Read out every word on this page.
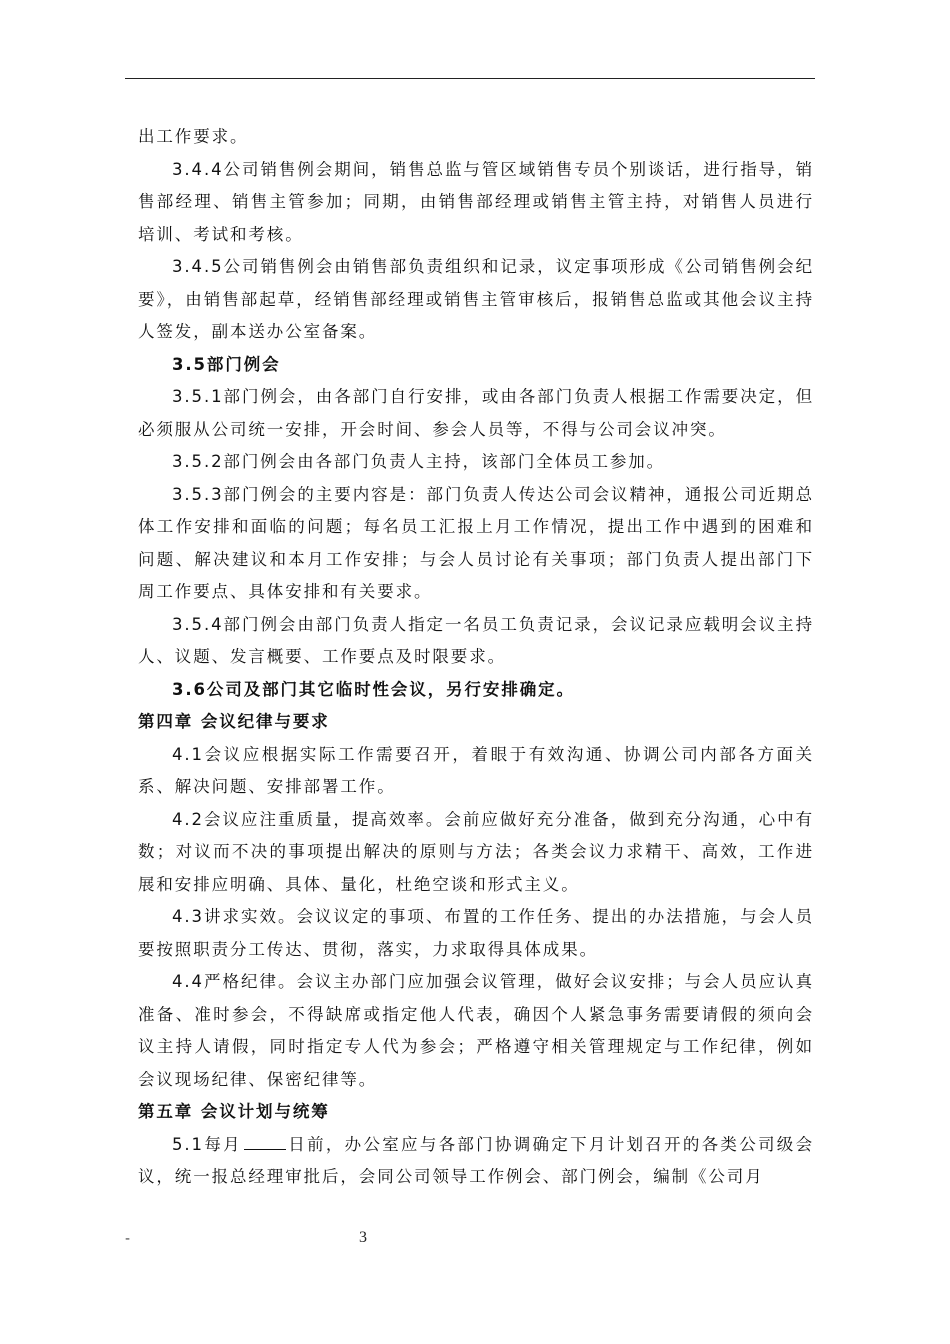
出工作要求。

3.4.4公司销售例会期间，销售总监与管区域销售专员个别谈话，进行指导，销售部经理、销售主管参加；同期，由销售部经理或销售主管主持，对销售人员进行培训、考试和考核。

3.4.5公司销售例会由销售部负责组织和记录，议定事项形成《公司销售例会纪要》，由销售部起草，经销售部经理或销售主管审核后，报销售总监或其他会议主持人签发，副本送办公室备案。

3.5部门例会

3.5.1部门例会，由各部门自行安排，或由各部门负责人根据工作需要决定，但必须服从公司统一安排，开会时间、参会人员等，不得与公司会议冲突。

3.5.2部门例会由各部门负责人主持，该部门全体员工参加。

3.5.3部门例会的主要内容是：部门负责人传达公司会议精神，通报公司近期总体工作安排和面临的问题；每名员工汇报上月工作情况，提出工作中遇到的困难和问题、解决建议和本月工作安排；与会人员讨论有关事项；部门负责人提出部门下周工作要点、具体安排和有关要求。

3.5.4部门例会由部门负责人指定一名员工负责记录，会议记录应载明会议主持人、议题、发言概要、工作要点及时限要求。

3.6公司及部门其它临时性会议，另行安排确定。

第四章 会议纪律与要求

4.1会议应根据实际工作需要召开，着眼于有效沟通、协调公司内部各方面关系、解决问题、安排部署工作。

4.2会议应注重质量，提高效率。会前应做好充分准备，做到充分沟通，心中有数；对议而不决的事项提出解决的原则与方法；各类会议力求精干、高效，工作进展和安排应明确、具体、量化，杜绝空谈和形式主义。

4.3讲求实效。会议议定的事项、布置的工作任务、提出的办法措施，与会人员要按照职责分工传达、贯彻，落实，力求取得具体成果。

4.4严格纪律。会议主办部门应加强会议管理，做好会议安排；与会人员应认真准备、准时参会，不得缺席或指定他人代表，确因个人紧急事务需要请假的须向会议主持人请假，同时指定专人代为参会；严格遵守相关管理规定与工作纪律，例如会议现场纪律、保密纪律等。

第五章 会议计划与统筹

5.1每月	日前，办公室应与各部门协调确定下月计划召开的各类公司级会议，统一报总经理审批后，会同公司领导工作例会、部门例会，编制《公司月

-	3
